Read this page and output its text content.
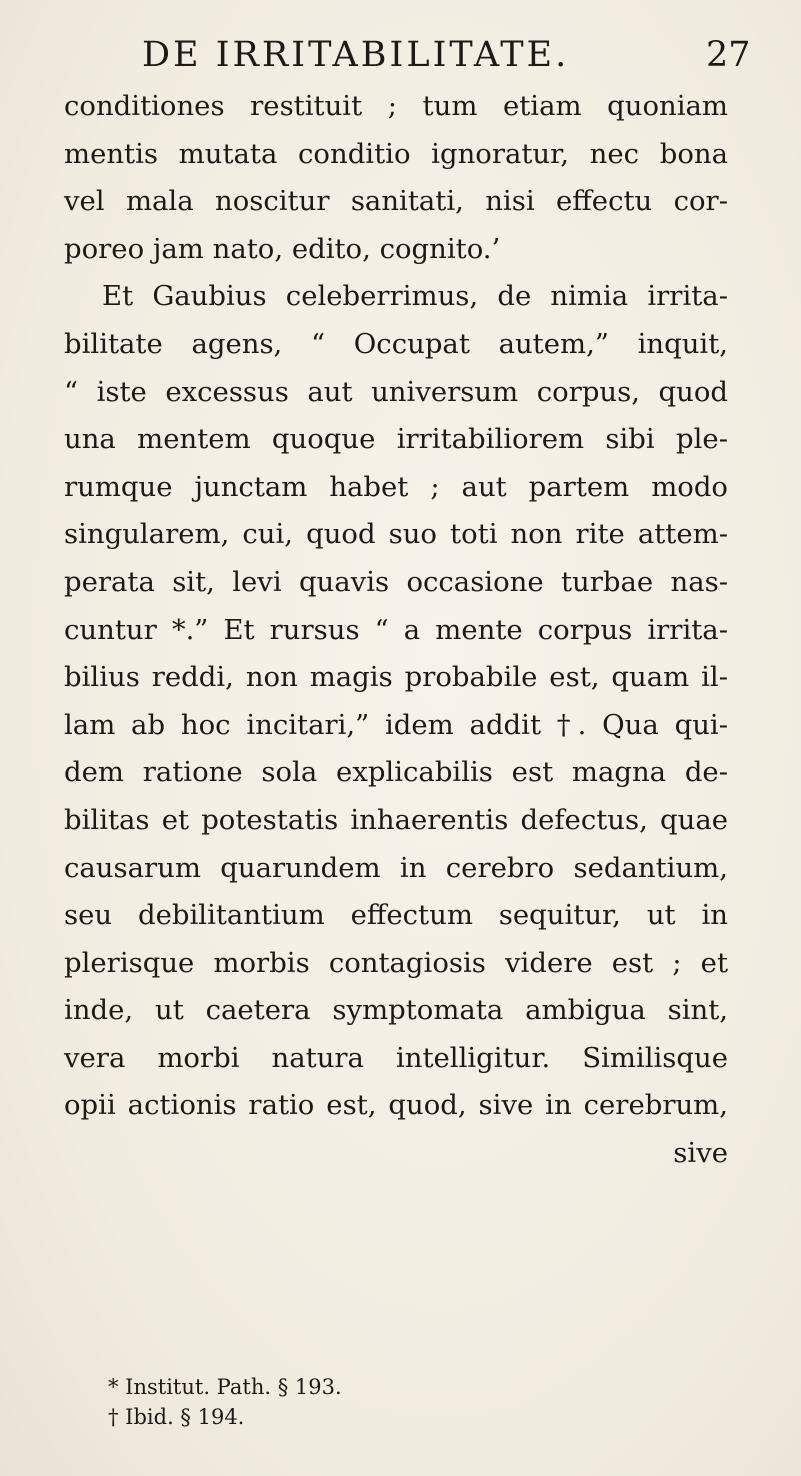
DE IRRITABILITATE.	27
conditiones restituit ; tum etiam quoniam
mentis mutata conditio ignoratur, nec bona
vel mala noscitur sanitati, nisi effectu cor-
poreo jam nato, edito, cognito.’
Et Gaubius celeberrimus, de nimia irrita-
bilitate agens, “ Occupat autem,” inquit,
“ iste excessus aut universum corpus, quod
una mentem quoque irritabiliorem sibi ple-
rumque junctam habet ; aut partem modo
singularem, cui, quod suo toti non rite attem-
perata sit, levi quavis occasione turbae nas-
cuntur *.” Et rursus “ a mente corpus irrita-
bilius reddi, non magis probabile est, quam il-
lam ab hoc incitari,” idem addit †. Qua qui-
dem ratione sola explicabilis est magna de-
bilitas et potestatis inhaerentis defectus, quae
causarum quarundem in cerebro sedantium,
seu debilitantium effectum sequitur, ut in
plerisque morbis contagiosis videre est ; et
inde, ut caetera symptomata ambigua sint,
vera morbi natura intelligitur. Similisque
opii actionis ratio est, quod, sive in cerebrum,
sive
* Institut. Path. § 193.
† Ibid. § 194.
